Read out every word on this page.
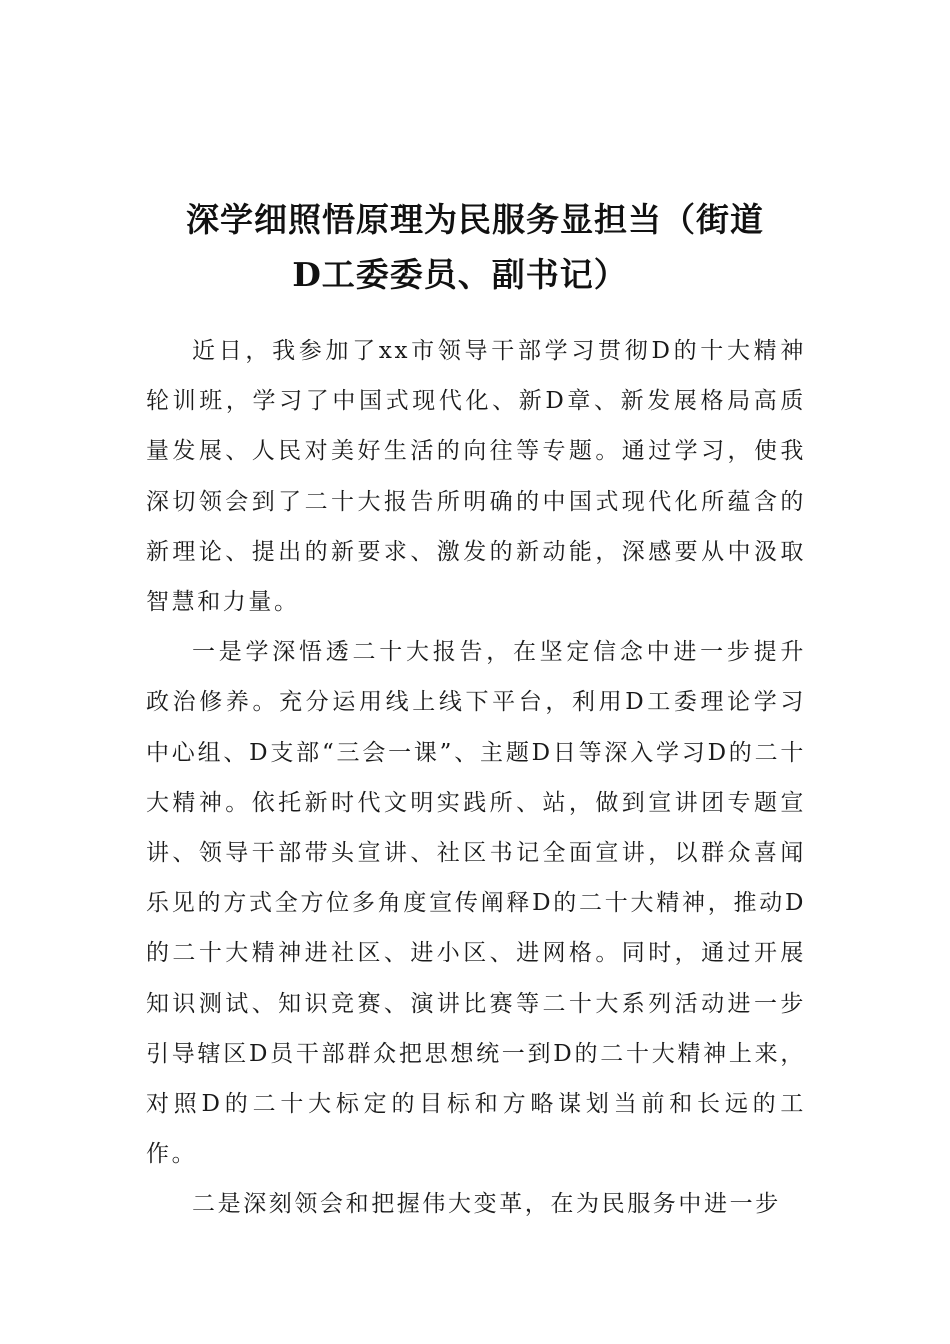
深学细照悟原理为民服务显担当（街道
D工委委员、副书记）

近日，我参加了xx市领导干部学习贯彻D的十大精神轮训班，学习了中国式现代化、新D章、新发展格局高质量发展、人民对美好生活的向往等专题。通过学习，使我深切领会到了二十大报告所明确的中国式现代化所蕴含的新理论、提出的新要求、激发的新动能，深感要从中汲取智慧和力量。

一是学深悟透二十大报告，在坚定信念中进一步提升政治修养。充分运用线上线下平台，利用D工委理论学习中心组、D支部“三会一课”、主题D日等深入学习D的二十大精神。依托新时代文明实践所、站，做到宣讲团专题宣讲、领导干部带头宣讲、社区书记全面宣讲，以群众喜闻乐见的方式全方位多角度宣传阐释D的二十大精神，推动D的二十大精神进社区、进小区、进网格。同时，通过开展知识测试、知识竞赛、演讲比赛等二十大系列活动进一步引导辖区D员干部群众把思想统一到D的二十大精神上来，对照D的二十大标定的目标和方略谋划当前和长远的工作。

二是深刻领会和把握伟大变革，在为民服务中进一步
